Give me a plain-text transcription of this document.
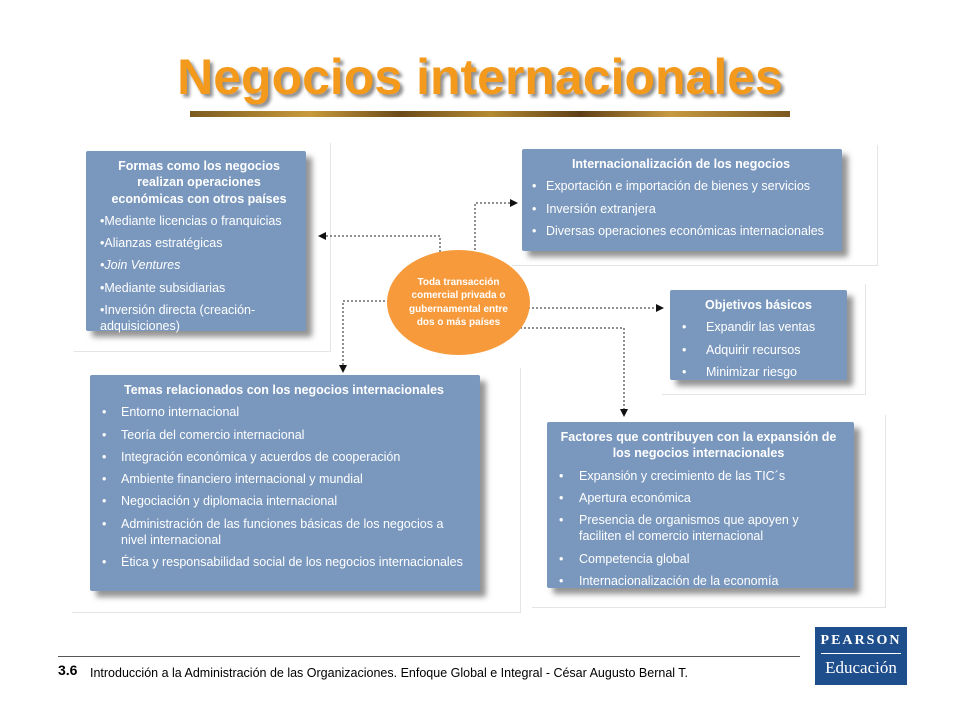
Negocios internacionales
Formas como los negocios realizan operaciones económicas con otros países
•Mediante licencias o franquicias
•Alianzas estratégicas
•Join Ventures
•Mediante subsidiarias
•Inversión directa (creación-adquisiciones)
Internacionalización de los negocios
• Exportación e importación de bienes y servicios
• Inversión extranjera
• Diversas operaciones económicas internacionales
Toda transacción comercial privada o gubernamental entre dos o más países
Objetivos básicos
• Expandir las ventas
• Adquirir recursos
• Minimizar riesgo
Temas relacionados con los negocios internacionales
• Entorno internacional
• Teoría del comercio internacional
• Integración económica y acuerdos de cooperación
• Ambiente financiero internacional y mundial
• Negociación y diplomacia internacional
• Administración de las funciones básicas de los negocios a nivel internacional
• Ética y responsabilidad social de los negocios internacionales
Factores que contribuyen con la expansión de los negocios internacionales
• Expansión y crecimiento de las TIC´s
• Apertura económica
• Presencia de organismos que apoyen y faciliten el comercio internacional
• Competencia global
• Internacionalización de la economía
3.6 Introducción a la Administración de las Organizaciones. Enfoque Global e Integral - César Augusto Bernal T.
PEARSON
Educación
